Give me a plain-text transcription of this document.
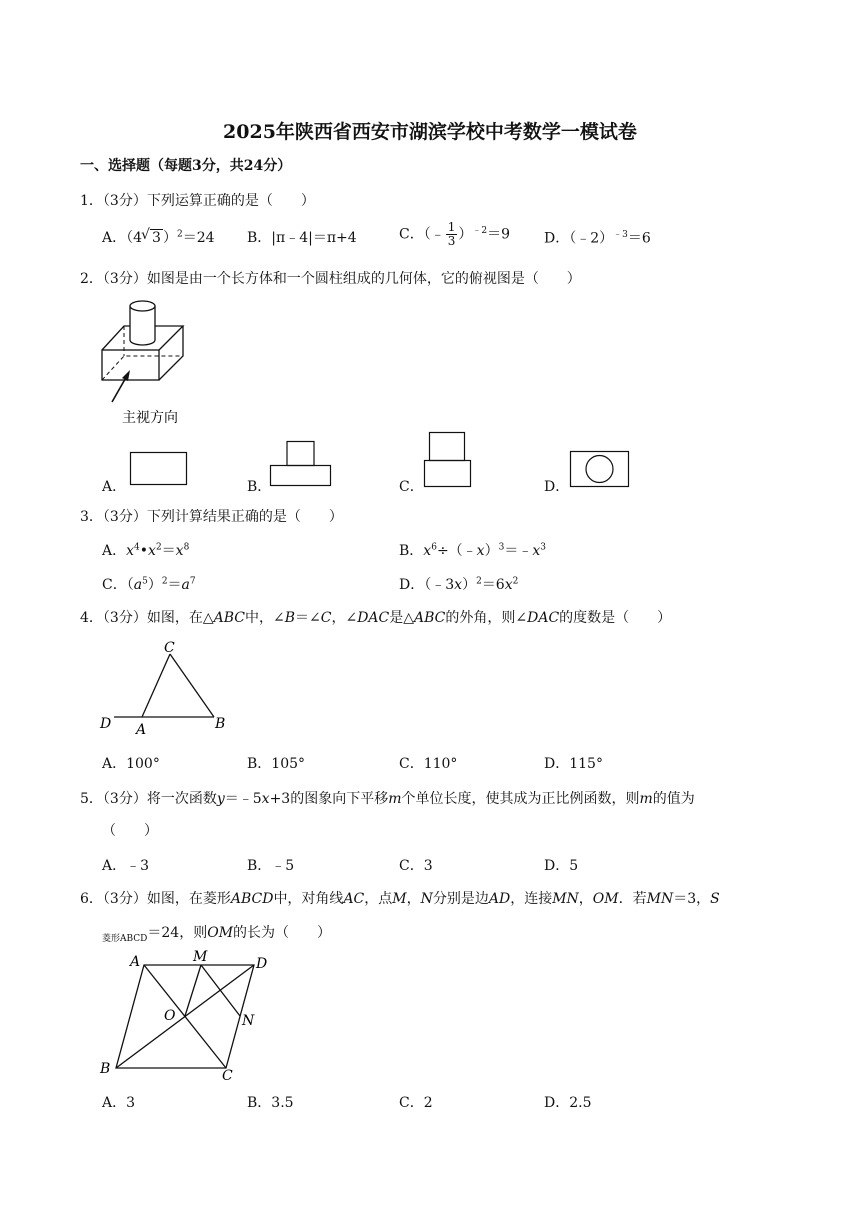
2025年陕西省西安市湖滨学校中考数学一模试卷
一、选择题（每题3分，共24分）
1．（3分）下列运算正确的是（　　）
A．（4√ 3 ）$^2$＝24 B．|π﹣4|＝π+4	C．（﹣ $\frac{1}{3} )^{﹣2}=9$ D．（﹣2）$^{﹣3}$＝6
2．（3分）如图是由一个长方体和一个圆柱组成的几何体，它的俯视图是（　　）
主视方向
A．	B．	C．	D．
3．（3分）下列计算结果正确的是（　　）
A．$x^4•x^2=x^8$	B．$x^6\div(﹣x)^3=﹣x^3$
C．$(a^5)^2=a^7$	D．$(﹣3x)^2=6x^2$
4．（3分）如图，在△ABC中，∠B＝∠C，∠DAC是△ABC的外角，则∠DAC的度数是（　　）
C
D A	B
A．100°	B．105°	C．110°	D．115°
5．（3分）将一次函数y＝﹣5x+3的图象向下平移m个单位长度，使其成为正比例函数，则m的值为
（　　）
A．﹣3	B．﹣5	C．3	D．5
6．（3分）如图，在菱形ABCD中，对角线AC，点M，N分别是边AD，连接MN，OM．若MN＝3，S
$_{菱形ABCD}$＝24，则OM的长为（　　）
A	M	D
O	N
B	C
A．3	B．3.5	C．2	D．2.5
